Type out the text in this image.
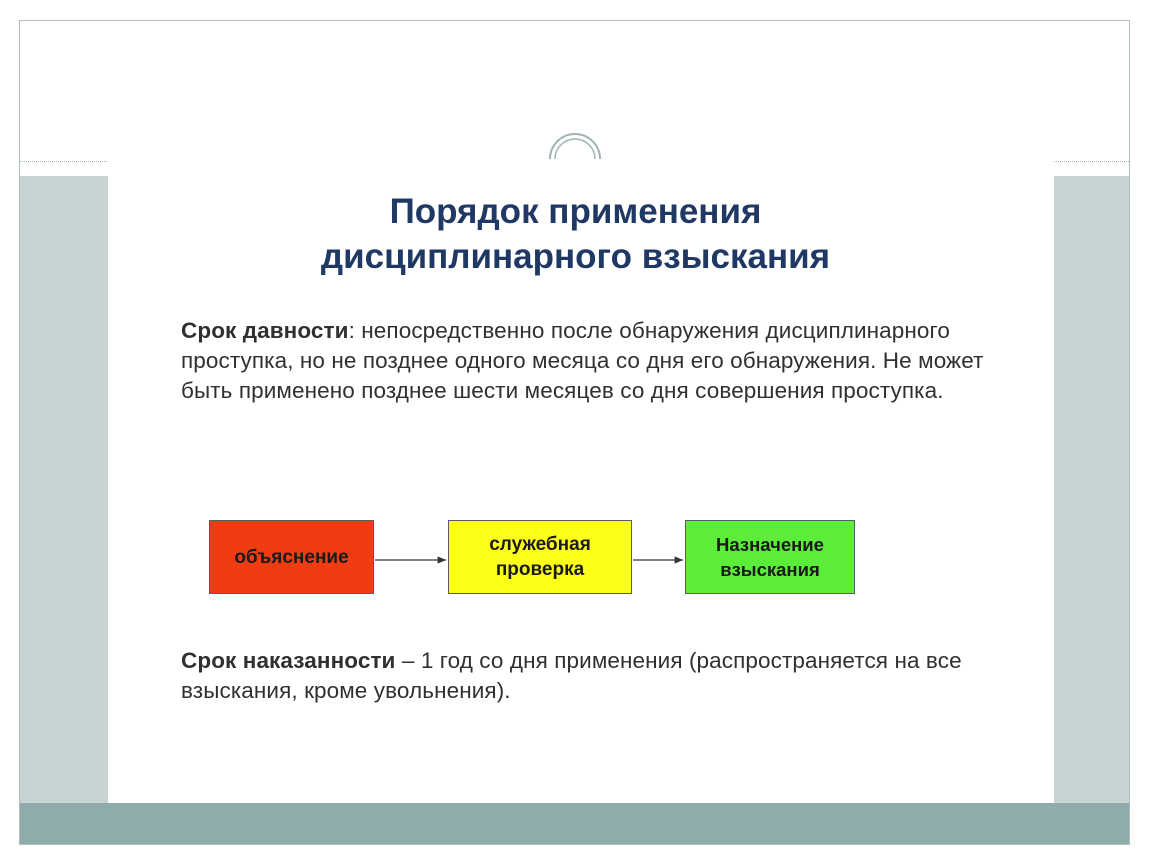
Порядок применения
дисциплинарного взыскания

Срок давности: непосредственно после обнаружения дисциплинарного проступка, но не позднее одного месяца со дня его обнаружения. Не может быть применено позднее шести месяцев со дня совершения проступка.

объяснение
служебная
проверка
Назначение
взыскания

Срок наказанности – 1 год со дня применения (распространяется на все взыскания, кроме увольнения).
